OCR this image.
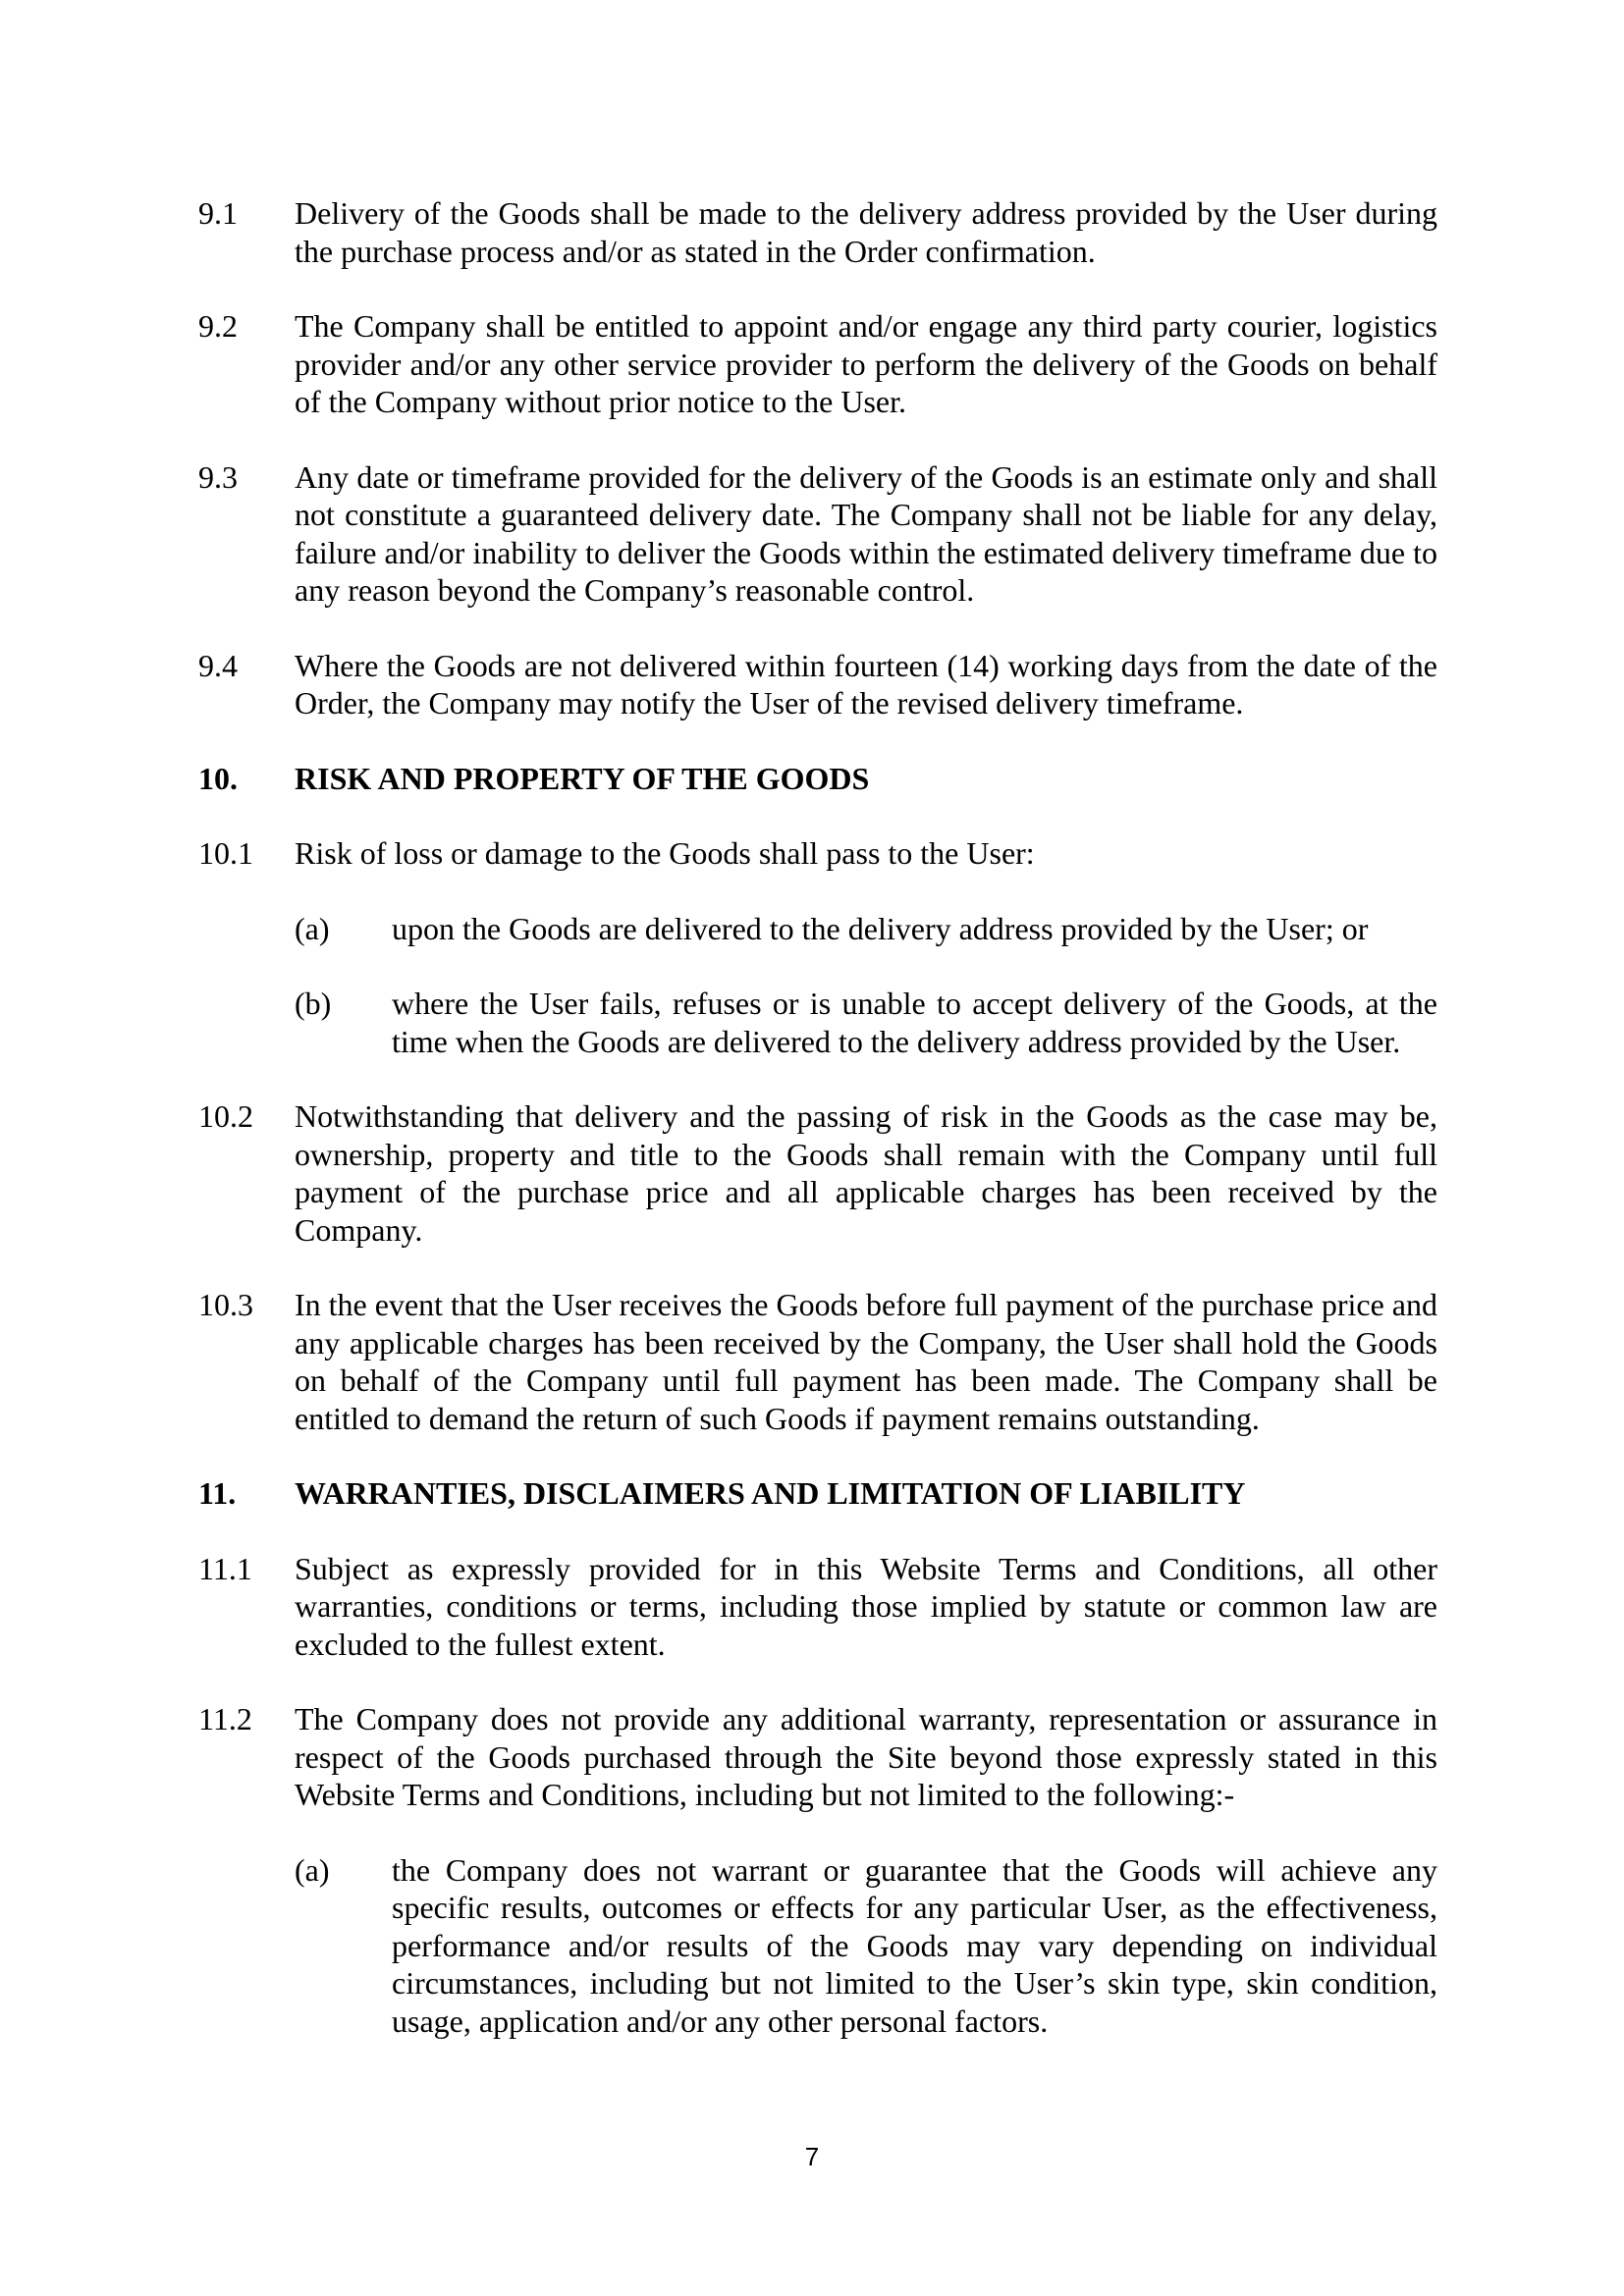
9.1	Delivery of the Goods shall be made to the delivery address provided by the User during the purchase process and/or as stated in the Order confirmation.
9.2	The Company shall be entitled to appoint and/or engage any third party courier, logistics provider and/or any other service provider to perform the delivery of the Goods on behalf of the Company without prior notice to the User.
9.3	Any date or timeframe provided for the delivery of the Goods is an estimate only and shall not constitute a guaranteed delivery date. The Company shall not be liable for any delay, failure and/or inability to deliver the Goods within the estimated delivery timeframe due to any reason beyond the Company’s reasonable control.
9.4	Where the Goods are not delivered within fourteen (14) working days from the date of the Order, the Company may notify the User of the revised delivery timeframe.
10.	RISK AND PROPERTY OF THE GOODS
10.1	Risk of loss or damage to the Goods shall pass to the User:
(a)	upon the Goods are delivered to the delivery address provided by the User; or
(b)	where the User fails, refuses or is unable to accept delivery of the Goods, at the time when the Goods are delivered to the delivery address provided by the User.
10.2	Notwithstanding that delivery and the passing of risk in the Goods as the case may be, ownership, property and title to the Goods shall remain with the Company until full payment of the purchase price and all applicable charges has been received by the Company.
10.3	In the event that the User receives the Goods before full payment of the purchase price and any applicable charges has been received by the Company, the User shall hold the Goods on behalf of the Company until full payment has been made. The Company shall be entitled to demand the return of such Goods if payment remains outstanding.
11.	WARRANTIES, DISCLAIMERS AND LIMITATION OF LIABILITY
11.1	Subject as expressly provided for in this Website Terms and Conditions, all other warranties, conditions or terms, including those implied by statute or common law are excluded to the fullest extent.
11.2	The Company does not provide any additional warranty, representation or assurance in respect of the Goods purchased through the Site beyond those expressly stated in this Website Terms and Conditions, including but not limited to the following:-
(a)	the Company does not warrant or guarantee that the Goods will achieve any specific results, outcomes or effects for any particular User, as the effectiveness, performance and/or results of the Goods may vary depending on individual circumstances, including but not limited to the User’s skin type, skin condition, usage, application and/or any other personal factors.
7
